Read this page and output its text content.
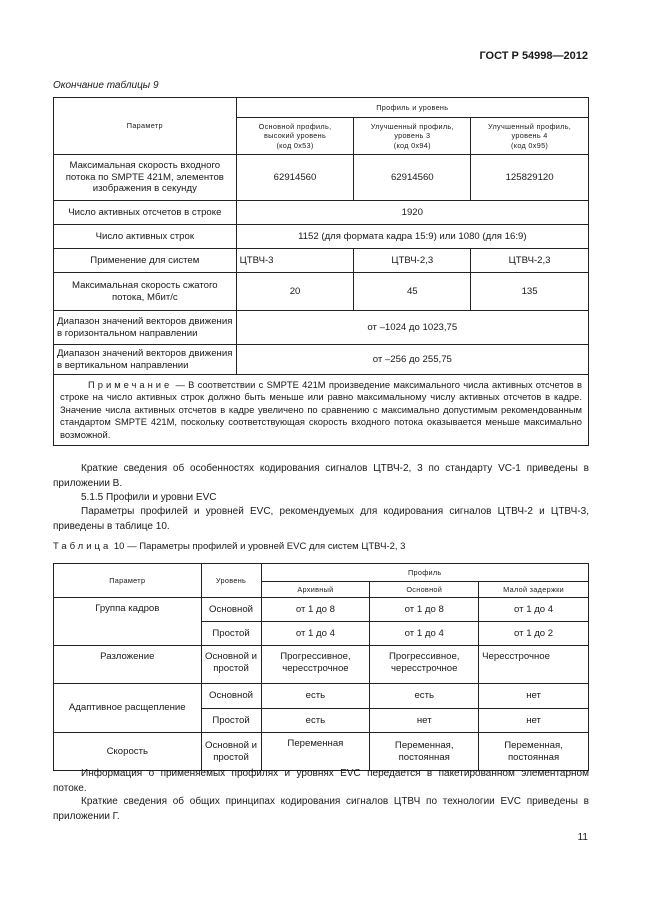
ГОСТ Р 54998—2012
Окончание таблицы 9
Параметр	Профиль и уровень		
	Основной профиль,
высокий уровень
(код 0x53)	Улучшенный профиль,
уровень 3
(код 0x94)	Улучшенный профиль,
уровень 4
(код 0x95)
Максимальная скорость входного потока по SMPTE 421M, элементов изображения в секунду	62914560	62914560	125829120
Число активных отсчетов в строке	1920		
Число активных строк	1152 (для формата кадра 15:9) или 1080 (для 16:9)		
Применение для систем	ЦТВЧ-3	ЦТВЧ-2,3	ЦТВЧ-2,3
Максимальная скорость сжатого потока, Мбит/с	20	45	135
Диапазон значений векторов движения в горизонтальном направлении	от –1024 до 1023,75		
Диапазон значений векторов движения в вертикальном направлении	от –256 до 255,75		
Примечание — В соответствии с SMPTE 421M произведение максимального числа активных отсчетов в строке на число активных строк должно быть меньше или равно максимальному числу активных отсчетов в кадре. Значение числа активных отсчетов в кадре увеличено по сравнению с максимально допустимым рекомендованным стандартом SMPTE 421M, поскольку соответствующая скорость входного потока оказывается меньше максимально возможной.			
Краткие сведения об особенностях кодирования сигналов ЦТВЧ-2, 3 по стандарту VC-1 приведены в приложении В.
5.1.5 Профили и уровни EVC
Параметры профилей и уровней EVC, рекомендуемых для кодирования сигналов ЦТВЧ-2 и ЦТВЧ-3, приведены в таблице 10.
Таблица 10 — Параметры профилей и уровней EVC для систем ЦТВЧ-2, 3
Параметр	Уровень	Профиль		
		Архивный	Основной	Малой задержки
Группа кадров	Основной	от 1 до 8	от 1 до 8	от 1 до 4
	Простой	от 1 до 4	от 1 до 4	от 1 до 2
Разложение	Основной и простой	Прогрессивное, чересстрочное	Прогрессивное, чересстрочное	Чересстрочное
Адаптивное расщепление	Основной	есть	есть	нет
	Простой	есть	нет	нет
Скорость	Основной и простой	Переменная	Переменная, постоянная	Переменная, постоянная
Информация о применяемых профилях и уровнях EVC передается в пакетированном элементарном потоке.
Краткие сведения об общих принципах кодирования сигналов ЦТВЧ по технологии EVC приведены в приложении Г.
11
